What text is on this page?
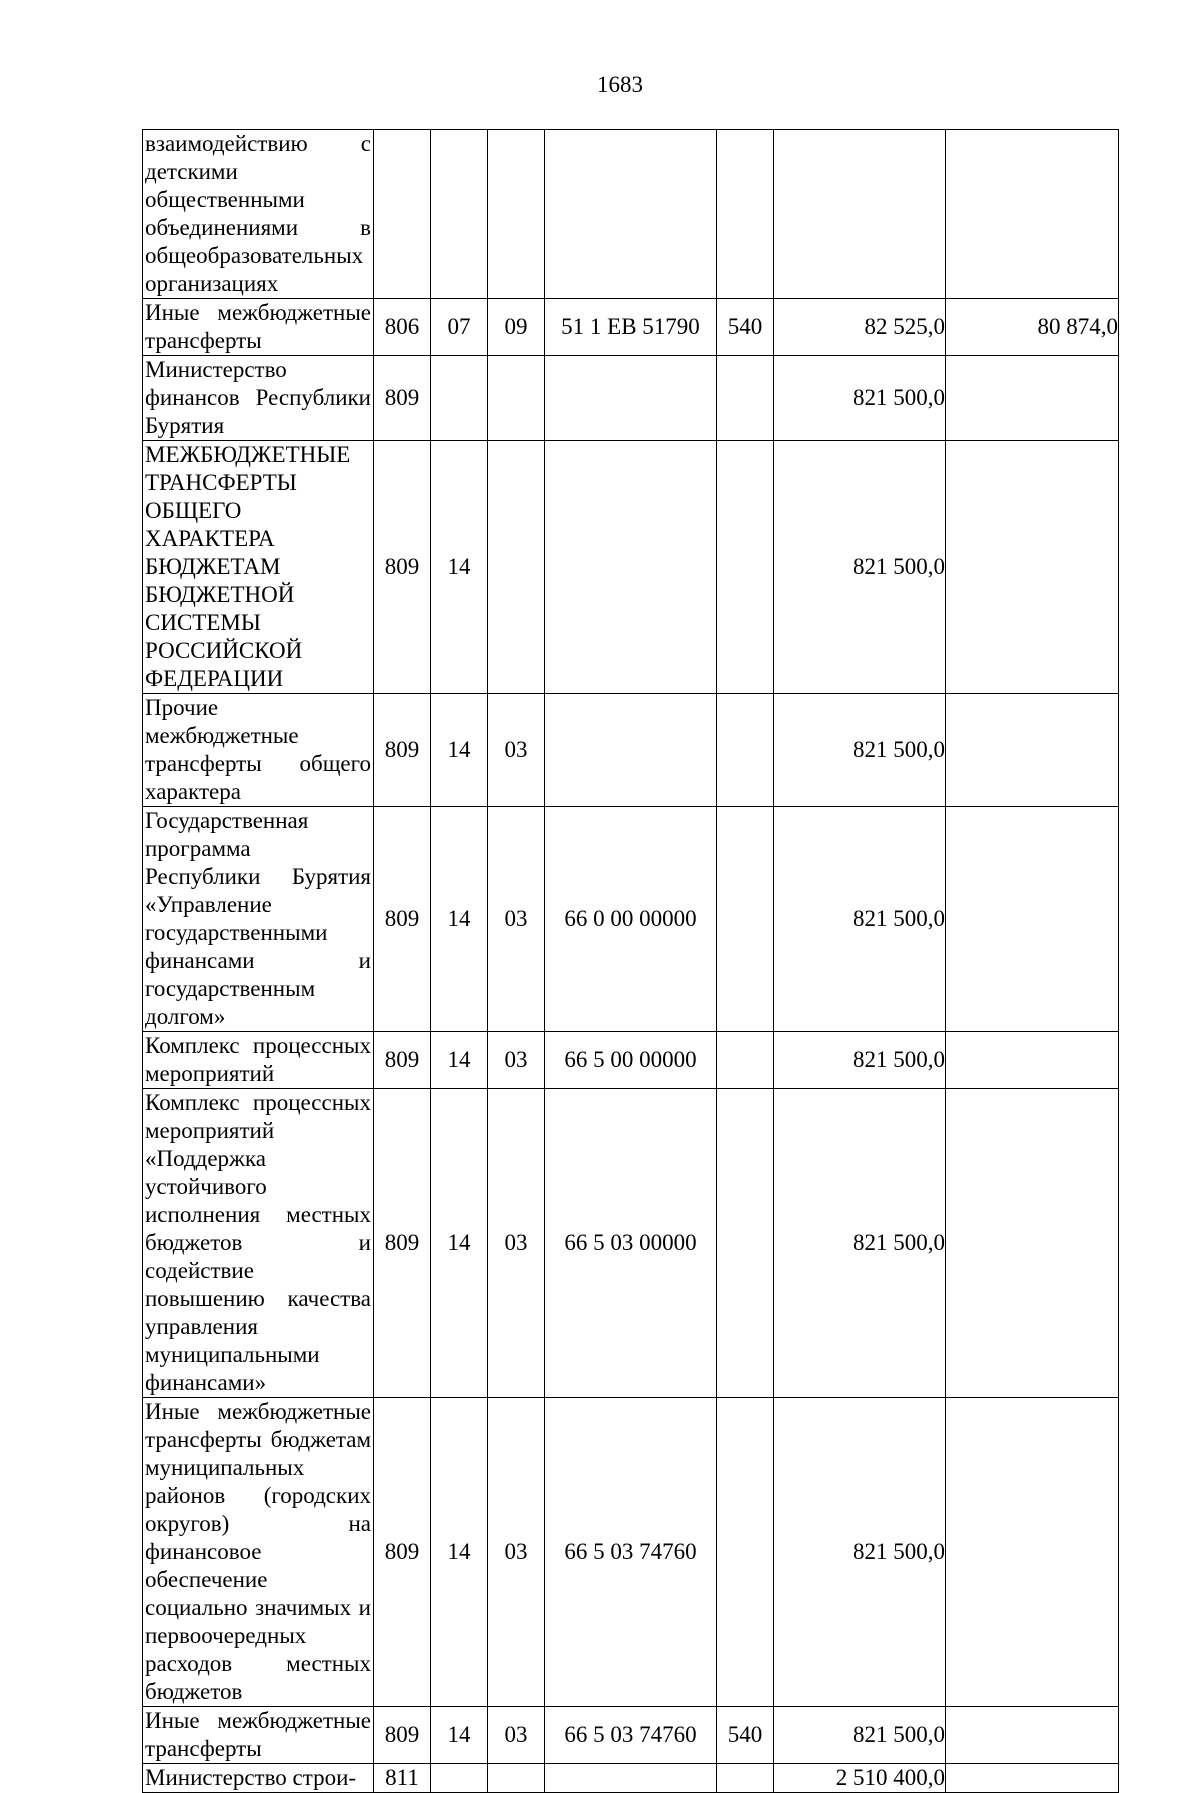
1683
взаимодействию с детскими общественными объединениями в общеобразовательных организациях							
Иные межбюджетные трансферты	806	07	09	51 1 ЕВ 51790	540	82 525,0	80 874,0
Министерство финансов Республики Бурятия	809					821 500,0	
МЕЖБЮДЖЕТНЫЕ ТРАНСФЕРТЫ ОБЩЕГО ХАРАКТЕРА БЮДЖЕТАМ БЮДЖЕТНОЙ СИСТЕМЫ РОССИЙСКОЙ ФЕДЕРАЦИИ	809	14				821 500,0	
Прочие межбюджетные трансферты общего характера	809	14	03			821 500,0	
Государственная программа Республики Бурятия «Управление государственными финансами и государственным долгом»	809	14	03	66 0 00 00000		821 500,0	
Комплекс процессных мероприятий	809	14	03	66 5 00 00000		821 500,0	
Комплекс процессных мероприятий «Поддержка устойчивого исполнения местных бюджетов и содействие повышению качества управления муниципальными финансами»	809	14	03	66 5 03 00000		821 500,0	
Иные межбюджетные трансферты бюджетам муниципальных районов (городских округов) на финансовое обеспечение социально значимых и первоочередных расходов местных бюджетов	809	14	03	66 5 03 74760		821 500,0	
Иные межбюджетные трансферты	809	14	03	66 5 03 74760	540	821 500,0	
Министерство строи-	811					2 510 400,0	
